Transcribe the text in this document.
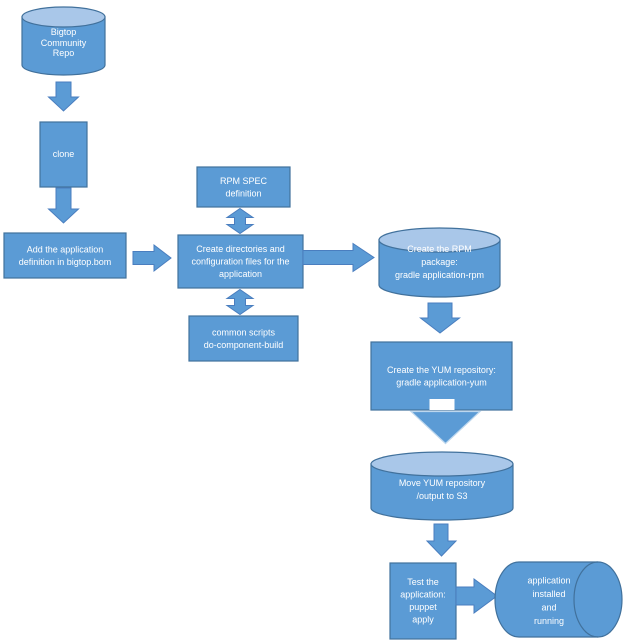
Bigtop
Community
Repo
clone
Add the application
definition in bigtop.bom
RPM SPEC
definition
Create directories and
configuration files for the
application
common scripts
do-component-build
Create the RPM
package:
gradle application-rpm
Create the YUM repository:
gradle application-yum
Move YUM repository
/output to S3
Test the
application:
puppet
apply
application
installed
and
running
